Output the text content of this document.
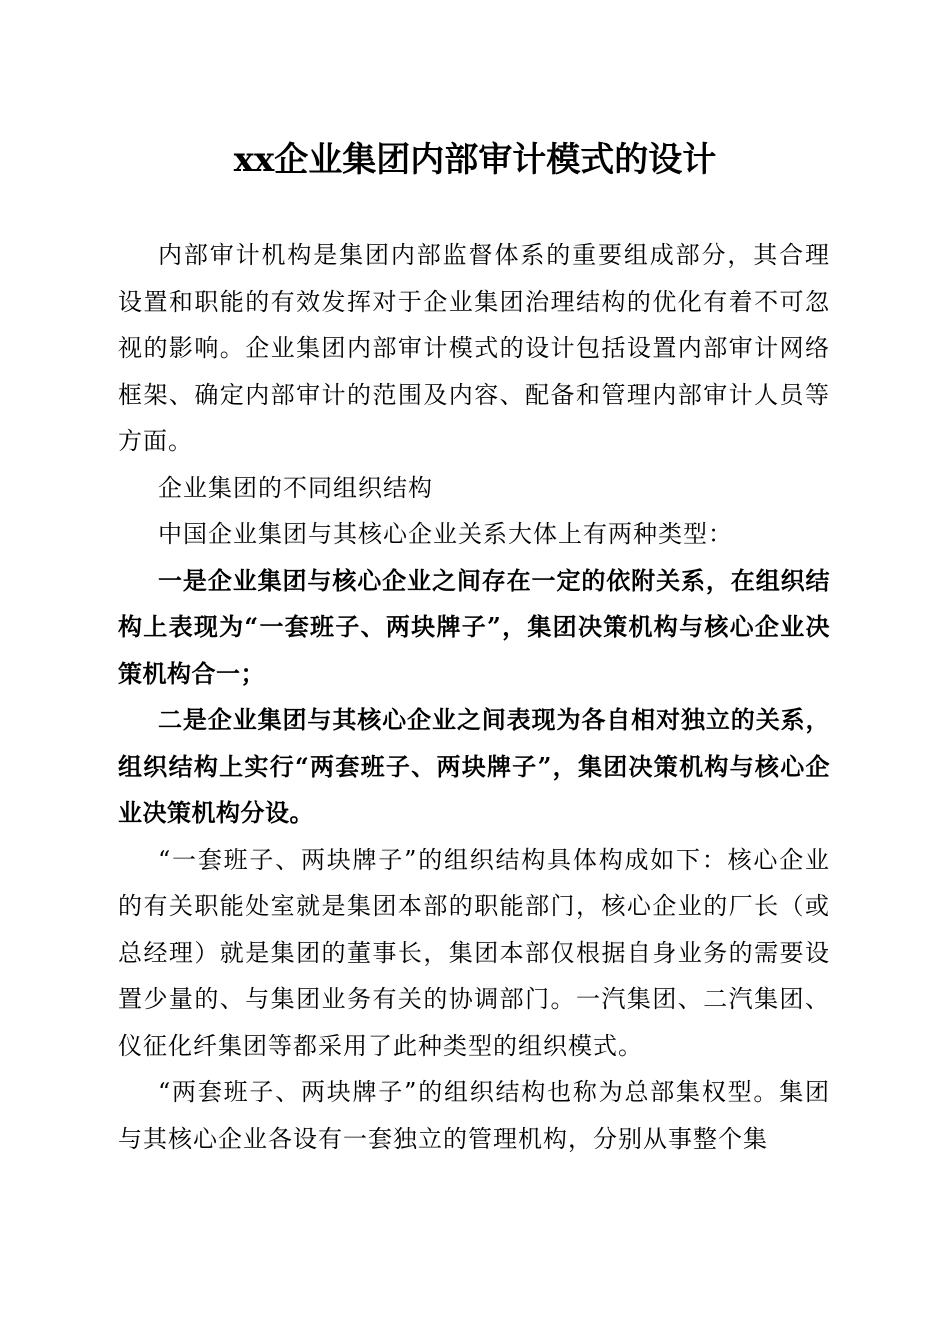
xx企业集团内部审计模式的设计

内部审计机构是集团内部监督体系的重要组成部分，其合理设置和职能的有效发挥对于企业集团治理结构的优化有着不可忽视的影响。企业集团内部审计模式的设计包括设置内部审计网络框架、确定内部审计的范围及内容、配备和管理内部审计人员等方面。

企业集团的不同组织结构

中国企业集团与其核心企业关系大体上有两种类型：

一是企业集团与核心企业之间存在一定的依附关系，在组织结构上表现为“一套班子、两块牌子”，集团决策机构与核心企业决策机构合一；

二是企业集团与其核心企业之间表现为各自相对独立的关系，组织结构上实行“两套班子、两块牌子”，集团决策机构与核心企业决策机构分设。

“一套班子、两块牌子”的组织结构具体构成如下：核心企业的有关职能处室就是集团本部的职能部门，核心企业的厂长（或总经理）就是集团的董事长，集团本部仅根据自身业务的需要设置少量的、与集团业务有关的协调部门。一汽集团、二汽集团、仪征化纤集团等都采用了此种类型的组织模式。

“两套班子、两块牌子”的组织结构也称为总部集权型。集团与其核心企业各设有一套独立的管理机构，分别从事整个集
